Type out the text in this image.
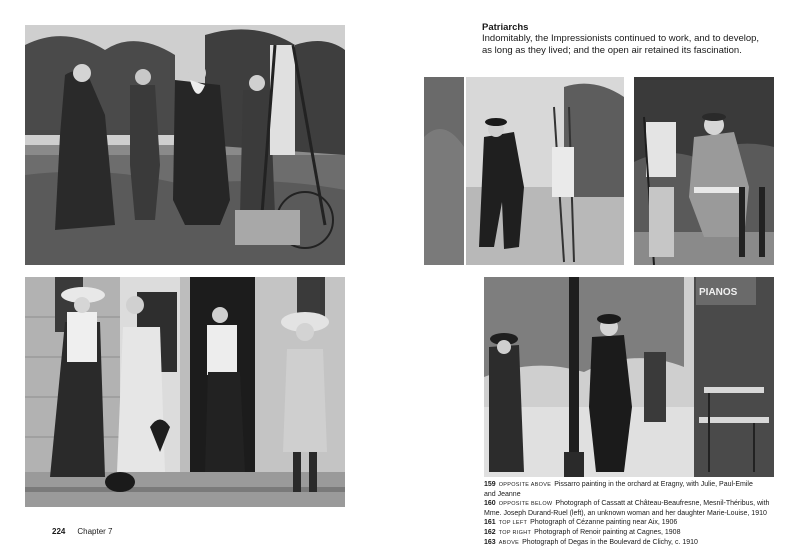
Patriarchs

Indomitably, the Impressionists continued to work, and to develop,

as long as they lived; and the open air retained its fascination.

PIANOS

159 OPPOSITE ABOVE Pissarro painting in the orchard at Eragny, with Julie, Paul-Emile

and Jeanne

160 OPPOSITE BELOW Photograph of Cassatt at Château-Beaufresne, Mesnil-Théribus, with

Mme. Joseph Durand-Ruel (left), an unknown woman and her daughter Marie-Louise, 1910

161 TOP LEFT Photograph of Cézanne painting near Aix, 1906

162 TOP RIGHT Photograph of Renoir painting at Cagnes, 1908

163 ABOVE Photograph of Degas in the Boulevard de Clichy, c. 1910

224 Chapter 7
